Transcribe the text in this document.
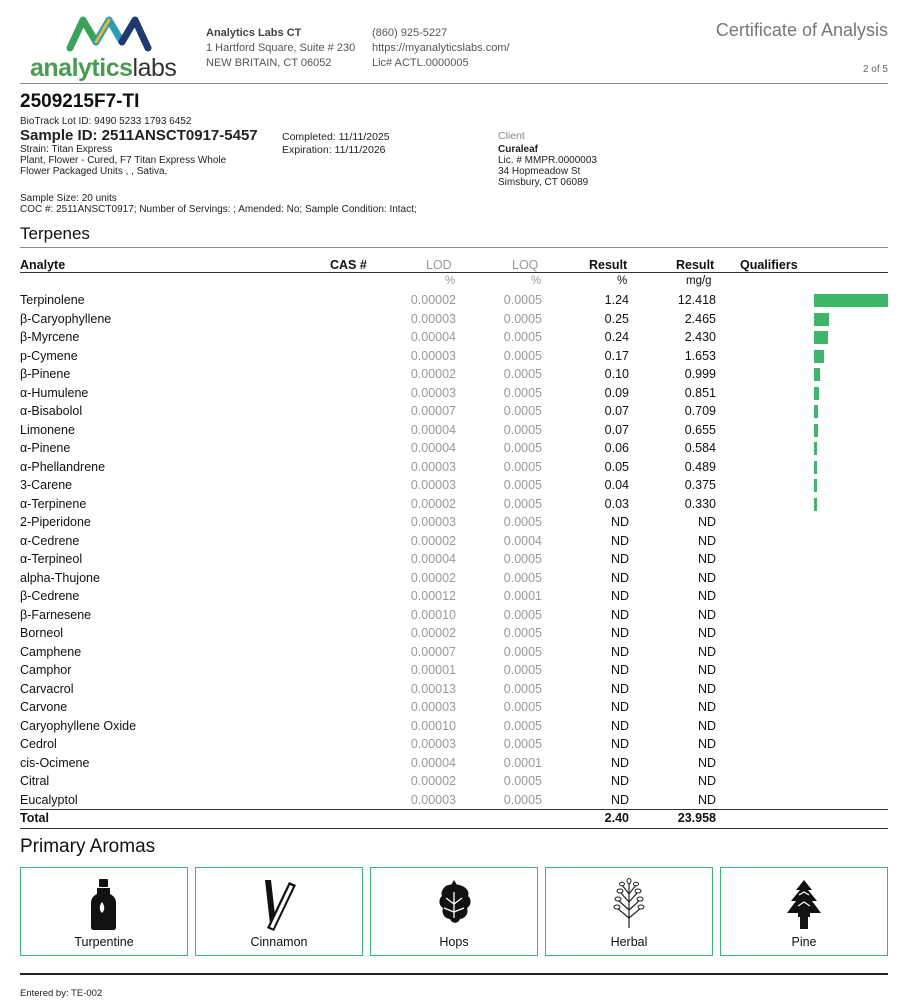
analyticslabs
Analytics Labs CT
1 Hartford Square, Suite # 230
NEW BRITAIN, CT 06052
(860) 925-5227
https://myanalyticslabs.com/
Lic# ACTL.0000005
Certificate of Analysis
2 of 5
2509215F7-TI
BioTrack Lot ID: 9490 5233 1793 6452
Sample ID: 2511ANSCT0917-5457
Strain: Titan Express
Plant, Flower - Cured, F7 Titan Express Whole
Flower Packaged Units , , Sativa,
Completed: 11/11/2025
Expiration: 11/11/2026
Client
Curaleaf
Lic. # MMPR.0000003
34 Hopmeadow St
Simsbury, CT 06089
Sample Size: 20 units
COC #: 2511ANSCT0917; Number of Servings: ; Amended: No; Sample Condition: Intact;
Terpenes
Analyte	CAS #	LOD	LOQ	Result	Result Qualifiers
%	%	%	mg/g
Terpinolene	0.00002	0.0005	1.24	12.418
β-Caryophyllene	0.00003	0.0005	0.25	2.465
β-Myrcene	0.00004	0.0005	0.24	2.430
p-Cymene	0.00003	0.0005	0.17	1.653
β-Pinene	0.00002	0.0005	0.10	0.999
α-Humulene	0.00003	0.0005	0.09	0.851
α-Bisabolol	0.00007	0.0005	0.07	0.709
Limonene	0.00004	0.0005	0.07	0.655
α-Pinene	0.00004	0.0005	0.06	0.584
α-Phellandrene	0.00003	0.0005	0.05	0.489
3-Carene	0.00003	0.0005	0.04	0.375
α-Terpinene	0.00002	0.0005	0.03	0.330
2-Piperidone	0.00003	0.0005	ND	ND
α-Cedrene	0.00002	0.0004	ND	ND
α-Terpineol	0.00004	0.0005	ND	ND
alpha-Thujone	0.00002	0.0005	ND	ND
β-Cedrene	0.00012	0.0001	ND	ND
β-Farnesene	0.00010	0.0005	ND	ND
Borneol	0.00002	0.0005	ND	ND
Camphene	0.00007	0.0005	ND	ND
Camphor	0.00001	0.0005	ND	ND
Carvacrol	0.00013	0.0005	ND	ND
Carvone	0.00003	0.0005	ND	ND
Caryophyllene Oxide	0.00010	0.0005	ND	ND
Cedrol	0.00003	0.0005	ND	ND
cis-Ocimene	0.00004	0.0001	ND	ND
Citral	0.00002	0.0005	ND	ND
Eucalyptol	0.00003	0.0005	ND	ND
Total	2.40	23.958
Primary Aromas
Turpentine	Cinnamon	Hops	Herbal	Pine
Entered by: TE-002
